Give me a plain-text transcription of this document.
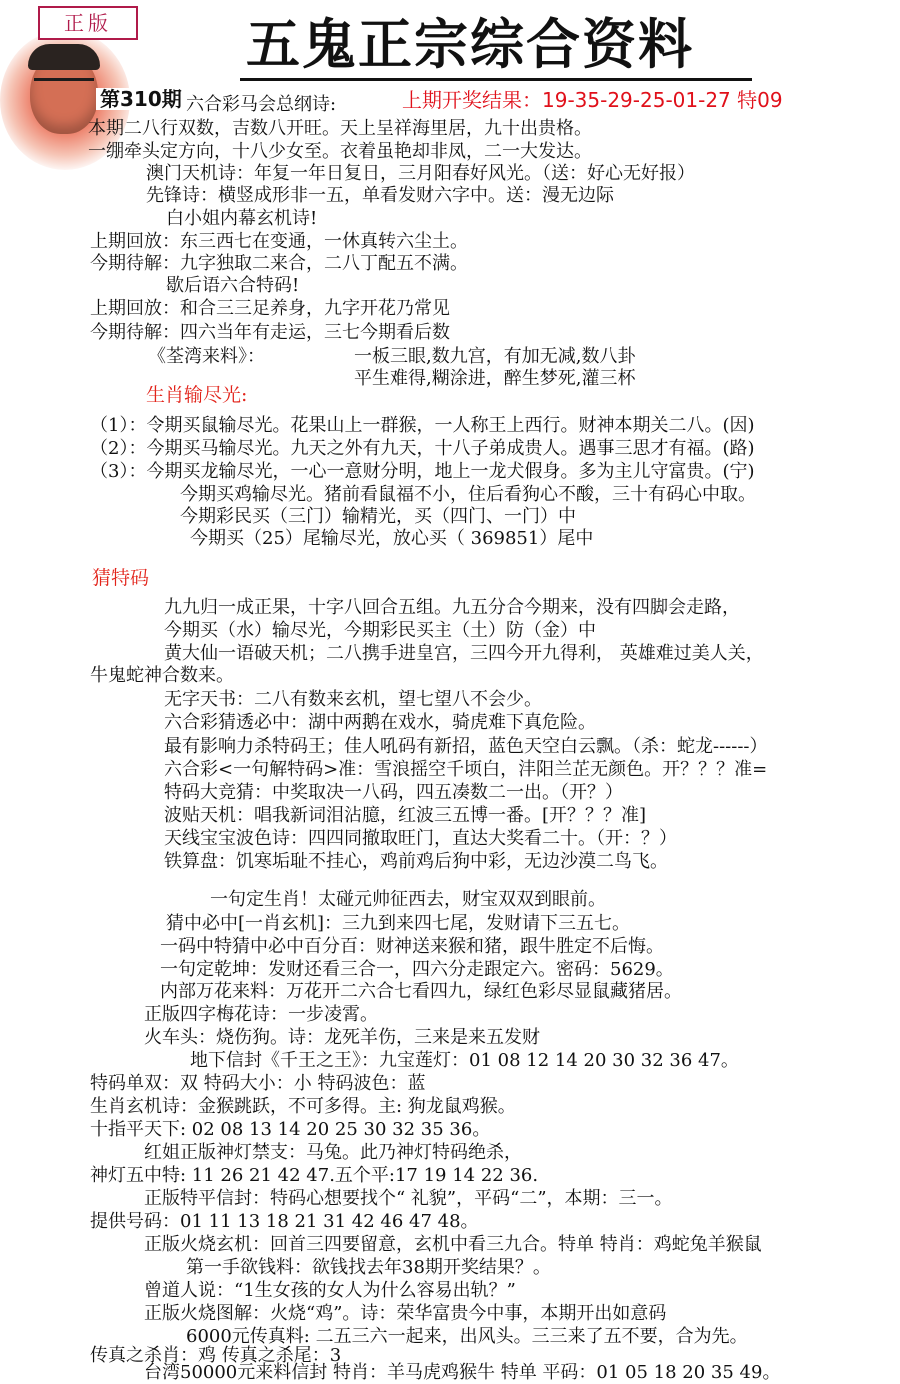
正版	五鬼正宗综合资料
第310期	上期开奖结果：19-35-29-25-01-27 特09
六合彩马会总纲诗:
本期二八行双数，吉数八开旺。天上呈祥海里居，九十出贵格。
一绷牵头定方向，十八少女至。衣着虽艳却非凤，二一大发达。
澳门天机诗：年复一年日复日，三月阳春好风光。（送：好心无好报）
先锋诗：横竖成形非一五，单看发财六字中。送：漫无边际
白小姐内幕玄机诗!
上期回放：东三西七在变通，一休真转六尘土。
今期待解：九字独取二来合，二八丁配五不满。
歇后语六合特码!
上期回放：和合三三足养身，九字开花乃常见
今期待解：四六当年有走运，三七今期看后数
《荃湾来料》：	一板三眼,数九宫，有加无减,数八卦
平生难得,糊涂进，醉生梦死,灌三杯
生肖输尽光:
（1）：令期买鼠输尽光。花果山上一群猴，一人称王上西行。财神本期关二八。(因)
（2）：今期买马输尽光。九天之外有九天，十八子弟成贵人。遇事三思才有福。(路)
（3）：今期买龙输尽光，一心一意财分明，地上一龙犬假身。多为主儿守富贵。(宁)
今期买鸡输尽光。猪前看鼠福不小，住后看狗心不酸，三十有码心中取。
今期彩民买（三门）输精光，买（四门、一门）中
今期买（25）尾输尽光，放心买（ 369851）尾中
猜特码
九九归一成正果，十字八回合五组。九五分合今期来，没有四脚会走路，
今期买（水）输尽光，今期彩民买主（土）防（金）中
黄大仙一语破天机；二八携手进皇宫，三四今开九得利， 英雄难过美人关，
牛鬼蛇神合数来。
无字天书：二八有数来玄机，望七望八不会少。
六合彩猜透必中：湖中两鹅在戏水，骑虎难下真危险。
最有影响力杀特码王；佳人吼码有新招，蓝色天空白云飘。（杀：蛇龙------）
六合彩<一句解特码>准：雪浪摇空千顷白，沣阳兰芷无颜色。开？？？准=
特码大竞猜：中奖取决一八码，四五凑数二一出。（开？）
波贴天机：唱我新词泪沾臆，红波三五博一番。[开？？？准]
天线宝宝波色诗：四四同撤取旺门，直达大奖看二十。（开：？）
铁算盘：饥寒垢耻不挂心，鸡前鸡后狗中彩，无边沙漠二鸟飞。
一句定生肖！太碰元帅征西去，财宝双双到眼前。
猜中必中[一肖玄机]：三九到来四七尾，发财请下三五七。
一码中特猜中必中百分百：财神送来猴和猪，跟牛胜定不后悔。
一句定乾坤：发财还看三合一，四六分走跟定六。密码：5629。
内部万花来料：万花开二六合七看四九，绿红色彩尽显鼠藏猪居。
正版四字梅花诗：一步凌霄。
火车头：烧伤狗。诗：龙死羊伤，三来是来五发财
地下信封《千王之王》：九宝莲灯：01 08 12 14 20 30 32 36 47。
特码单双：双 特码大小：小 特码波色：蓝
生肖玄机诗：金猴跳跃，不可多得。主: 狗龙鼠鸡猴。
十指平天下: 02 08 13 14 20 25 30 32 35 36。
红姐正版神灯禁支：马兔。此乃神灯特码绝杀，
神灯五中特: 11 26 21 42 47.五个平:17 19 14 22 36.
正版特平信封：特码心想要找个“ 礼貌”，平码“二”，本期：三一。
提供号码：01 11 13 18 21 31 42 46 47 48。
正版火烧玄机：回首三四要留意，玄机中看三九合。特单 特肖：鸡蛇兔羊猴鼠
第一手欲钱料：欲钱找去年38期开奖结果？。
曾道人说：“1生女孩的女人为什么容易出轨？”
正版火烧图解：火烧“鸡”。诗：荣华富贵今中事，本期开出如意码
6000元传真料: 二五三六一起来，出风头。三三来了五不要，合为先。
传真之杀肖：鸡 传真之杀尾：3
台湾50000元来料信封 特肖：羊马虎鸡猴牛 特单 平码：01 05 18 20 35 49。
